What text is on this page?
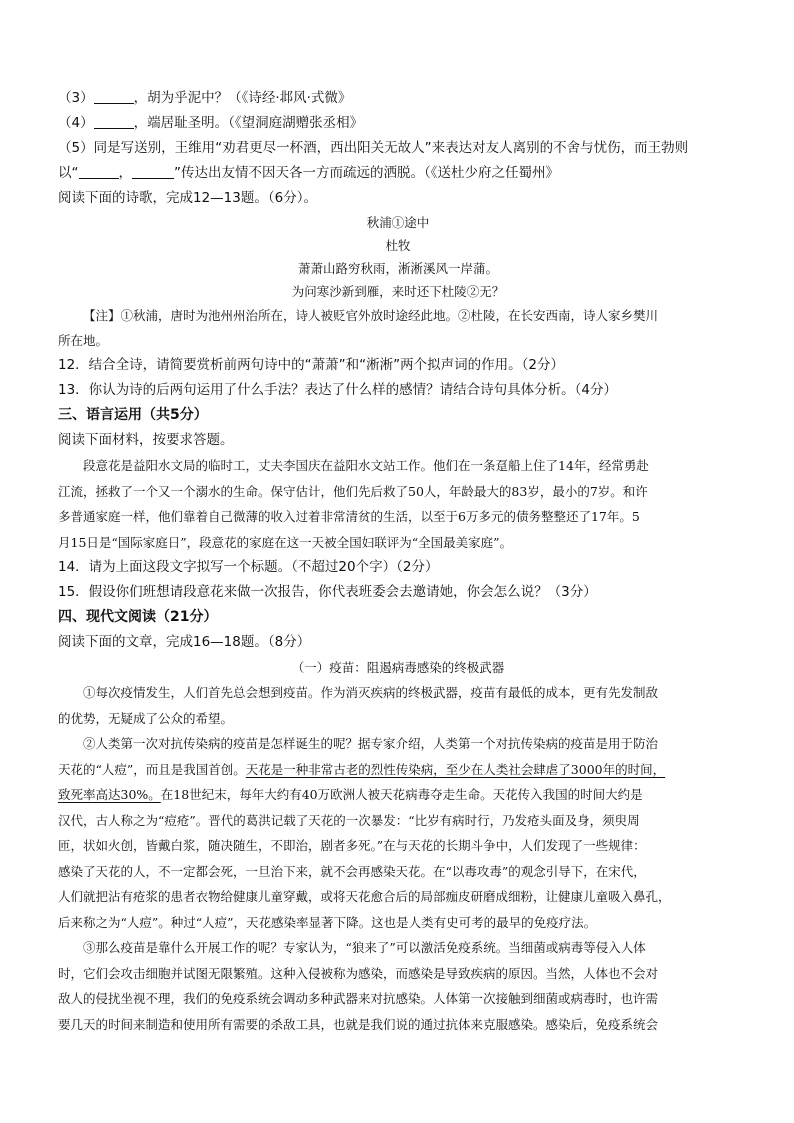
（3）	，胡为乎泥中？（《诗经·邶风·式微》

（4）	，端居耻圣明。（《望洞庭湖赠张丞相》

（5）同是写送别，王维用“劝君更尽一杯酒，西出阳关无故人”来表达对友人离别的不舍与忧伤，而王勃则

以“	，	”传达出友情不因天各一方而疏远的洒脱。（《送杜少府之任蜀州》

阅读下面的诗歌，完成12—13题。（6分）。

秋浦①途中

杜牧

萧萧山路穷秋雨，淅淅溪风一岸蒲。

为问寒沙新到雁，来时还下杜陵②无？

【注】①秋浦，唐时为池州州治所在，诗人被贬官外放时途经此地。②杜陵，在长安西南，诗人家乡樊川

所在地。

12．结合全诗，请简要赏析前两句诗中的“萧萧”和“淅淅”两个拟声词的作用。（2分）

13．你认为诗的后两句运用了什么手法？表达了什么样的感情？请结合诗句具体分析。（4分）

三、语言运用（共5分）

阅读下面材料，按要求答题。

段意花是益阳水文局的临时工，丈夫李国庆在益阳水文站工作。他们在一条趸船上住了14年，经常勇赴

江流，拯救了一个又一个溺水的生命。保守估计，他们先后救了50人，年龄最大的83岁，最小的7岁。和许

多普通家庭一样，他们靠着自己微薄的收入过着非常清贫的生活，以至于6万多元的债务整整还了17年。5

月15日是“国际家庭日”，段意花的家庭在这一天被全国妇联评为“全国最美家庭”。

14．请为上面这段文字拟写一个标题。（不超过20个字）（2分）

15．假设你们班想请段意花来做一次报告，你代表班委会去邀请她，你会怎么说？（3分）

四、现代文阅读（21分）

阅读下面的文章，完成16—18题。（8分）

（一）疫苗：阻遏病毒感染的终极武器

①每次疫情发生，人们首先总会想到疫苗。作为消灭疾病的终极武器，疫苗有最低的成本，更有先发制敌

的优势，无疑成了公众的希望。

②人类第一次对抗传染病的疫苗是怎样诞生的呢？据专家介绍，人类第一个对抗传染病的疫苗是用于防治

天花的“人痘”，而且是我国首创。天花是一种非常古老的烈性传染病，至少在人类社会肆虐了3000年的时间，

致死率高达30%。在18世纪末，每年大约有40万欧洲人被天花病毒夺走生命。天花传入我国的时间大约是

汉代，古人称之为“痘疮”。晋代的葛洪记载了天花的一次暴发：“比岁有病时行，乃发疮头面及身，须臾周

匝，状如火创，皆戴白浆，随决随生，不即治，剧者多死。”在与天花的长期斗争中，人们发现了一些规律：

感染了天花的人，不一定都会死，一旦治下来，就不会再感染天花。在“以毒攻毒”的观念引导下，在宋代，

人们就把沾有疮浆的患者衣物给健康儿童穿戴，或将天花愈合后的局部痂皮研磨成细粉，让健康儿童吸入鼻孔，

后来称之为“人痘”。种过“人痘”，天花感染率显著下降。这也是人类有史可考的最早的免疫疗法。

③那么疫苗是靠什么开展工作的呢？专家认为，“狼来了”可以激活免疫系统。当细菌或病毒等侵入人体

时，它们会攻击细胞并试图无限繁殖。这种入侵被称为感染，而感染是导致疾病的原因。当然，人体也不会对

敌人的侵扰坐视不理，我们的免疫系统会调动多种武器来对抗感染。人体第一次接触到细菌或病毒时，也许需

要几天的时间来制造和使用所有需要的杀敌工具，也就是我们说的通过抗体来克服感染。感染后，免疫系统会
